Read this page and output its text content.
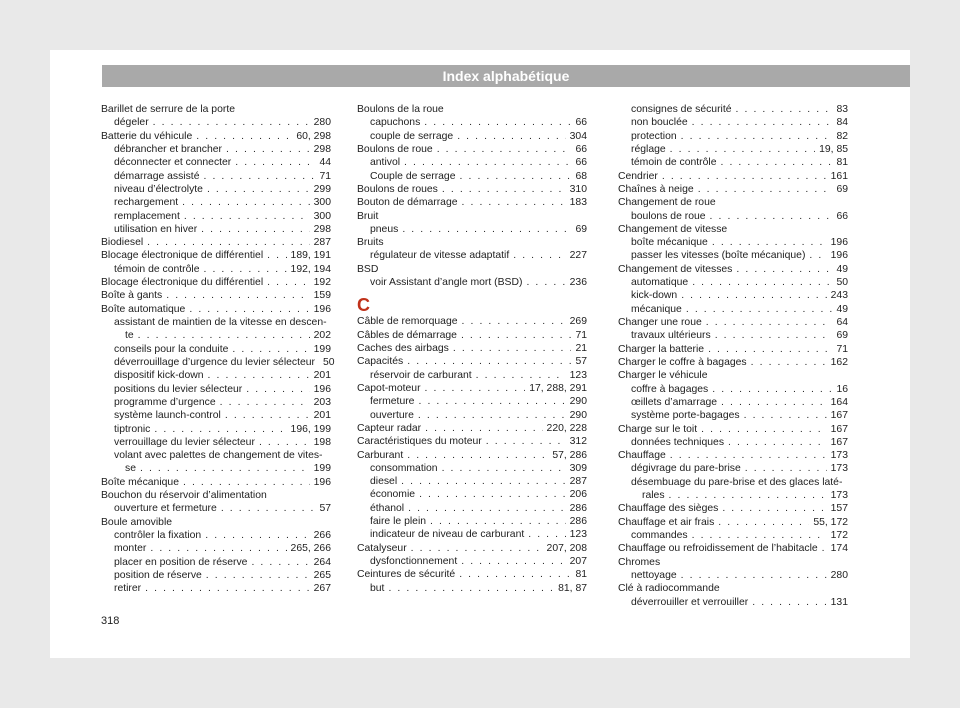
Index alphabétique
Barillet de serrure de la porte
dégeler . . .	280
Batterie du véhicule . . .	60, 298
débrancher et brancher . . .	298
déconnecter et connecter . . .	44
démarrage assisté . . .	71
niveau d’électrolyte . . .	299
rechargement . . .	300
remplacement . . .	300
utilisation en hiver . . .	298
Biodiesel . . .	287
Blocage électronique de différentiel . . .	189, 191
témoin de contrôle . . .	192, 194
Blocage électronique du différentiel . . .	192
Boîte à gants . . .	159
Boîte automatique . . .	196
assistant de maintien de la vitesse en descen-
te . . .	202
conseils pour la conduite . . .	199
déverrouillage d’urgence du levier sélecteur 50
dispositif kick-down . . .	201
positions du levier sélecteur . . .	196
programme d’urgence . . .	203
système launch-control . . .	201
tiptronic . . .	196, 199
verrouillage du levier sélecteur . . .	198
volant avec palettes de changement de vites-
se . . .	199
Boîte mécanique . . .	196
Bouchon du réservoir d’alimentation
ouverture et fermeture . . .	57
Boule amovible
contrôler la fixation . . .	266
monter . . .	265, 266
placer en position de réserve . . .	264
position de réserve . . .	265
retirer . . .	267
Boulons de la roue
capuchons . . .	66
couple de serrage . . .	304
Boulons de roue . . .	66
antivol . . .	66
Couple de serrage . . .	68
Boulons de roues . . .	310
Bouton de démarrage . . .	183
Bruit
pneus . . .	69
Bruits
régulateur de vitesse adaptatif . . .	227
BSD
voir Assistant d’angle mort (BSD) . . .	236
C
Câble de remorquage . . .	269
Câbles de démarrage . . .	71
Caches des airbags . . .	21
Capacités . . .	57
réservoir de carburant . . .	123
Capot-moteur . . .	17, 288, 291
fermeture . . .	290
ouverture . . .	290
Capteur radar . . .	220, 228
Caractéristiques du moteur . . .	312
Carburant . . .	57, 286
consommation . . .	309
diesel . . .	287
économie . . .	206
éthanol . . .	286
faire le plein . . .	286
indicateur de niveau de carburant . . .	123
Catalyseur . . .	207, 208
dysfonctionnement . . .	207
Ceintures de sécurité . . .	81
but . . .	81, 87
consignes de sécurité . . .	83
non bouclée . . .	84
protection . . .	82
réglage . . .	19, 85
témoin de contrôle . . .	81
Cendrier . . .	161
Chaînes à neige . . .	69
Changement de roue
boulons de roue . . .	66
Changement de vitesse
boîte mécanique . . .	196
passer les vitesses (boîte mécanique) . . . 196
Changement de vitesses . . .	49
automatique . . .	50
kick-down . . .	243
mécanique . . .	49
Changer une roue . . .	64
travaux ultérieurs . . .	69
Charger la batterie . . .	71
Charger le coffre à bagages . . .	162
Charger le véhicule
coffre à bagages . . .	16
œillets d’amarrage . . .	164
système porte-bagages . . .	167
Charge sur le toit . . .	167
données techniques . . .	167
Chauffage . . .	173
dégivrage du pare-brise . . .	173
désembuage du pare-brise et des glaces laté-
rales . . .	173
Chauffage des sièges . . .	157
Chauffage et air frais . . .	55, 172
commandes . . .	172
Chauffage ou refroidissement de l’habitacle . . . 174
Chromes
nettoyage . . .	280
Clé à radiocommande
déverrouiller et verrouiller . . .	131
318
